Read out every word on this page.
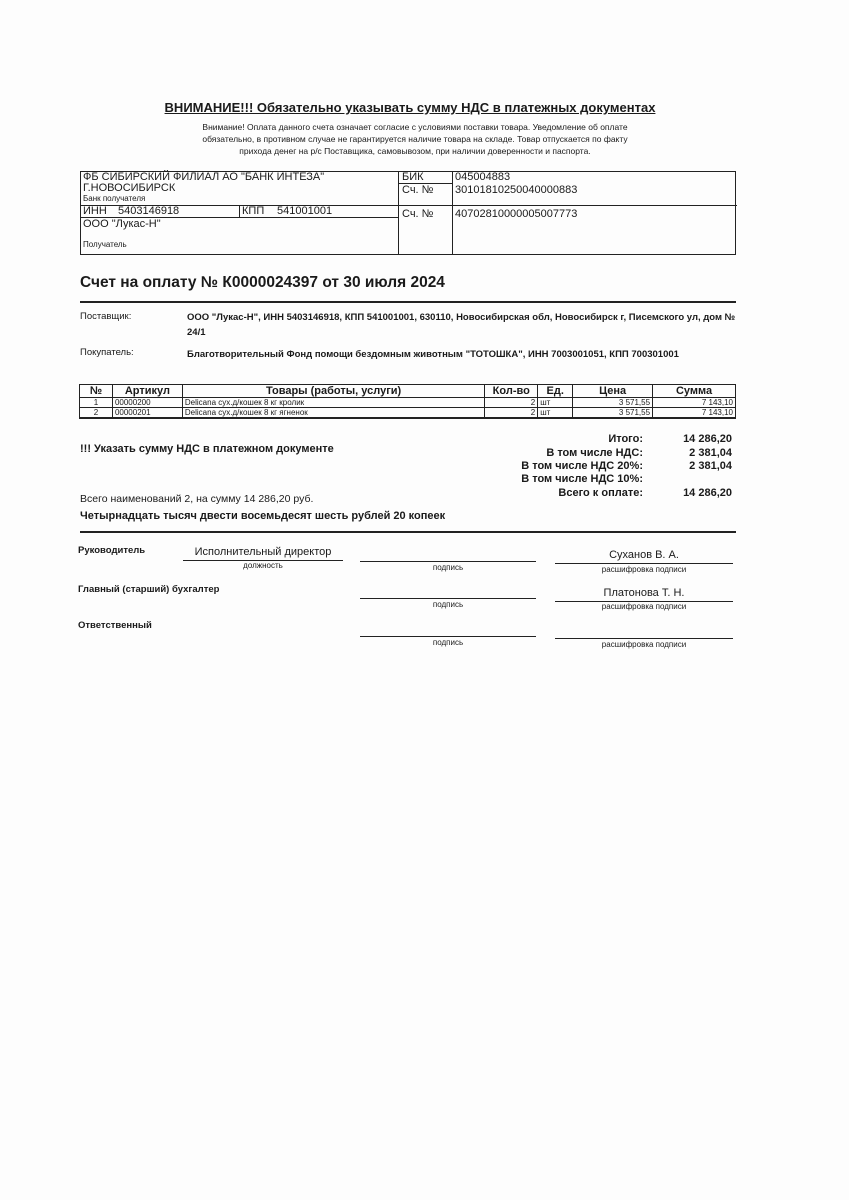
ВНИМАНИЕ!!! Обязательно указывать сумму НДС в платежных документах
Внимание! Оплата данного счета означает согласие с условиями поставки товара. Уведомление об оплате
обязательно, в противном случае не гарантируется наличие товара на складе. Товар отпускается по факту
прихода денег на р/с Поставщика, самовывозом, при наличии доверенности и паспорта.
ФБ СИБИРСКИЙ ФИЛИАЛ АО "БАНК ИНТЕЗА"
Г.НОВОСИБИРСК
Банк получателя
БИК	045004883
Сч. № 30101810250040000883
ИНН 5403146918	КПП 541001001	Сч. № 40702810000005007773
ООО "Лукас-Н"
Получатель
Счет на оплату № К0000024397 от 30 июля 2024
Поставщик:	ООО "Лукас-Н", ИНН 5403146918, КПП 541001001, 630110, Новосибирская обл, Новосибирск г, Писемского ул, дом № 24/1
Покупатель:	Благотворительный Фонд помощи бездомным животным "ТОТОШКА", ИНН 7003001051, КПП 700301001
№	Артикул	Товары (работы, услуги)	Кол-во	Ед.	Цена	Сумма
1	00000200	Delicana сух.д/кошек 8 кг кролик	2	шт	3 571,55	7 143,10
2	00000201	Delicana сух.д/кошек 8 кг ягненок	2	шт	3 571,55	7 143,10
!!! Указать сумму НДС в платежном документе
Итого:	14 286,20
В том числе НДС:	2 381,04
В том числе НДС 20%:	2 381,04
В том числе НДС 10%:
Всего к оплате:	14 286,20
Всего наименований 2, на сумму 14 286,20 руб.
Четырнадцать тысяч двести восемьдесят шесть рублей 20 копеек
Руководитель	Исполнительный директор
должность	подпись
Суханов В. А.
расшифровка подписи
Главный (старший) бухгалтер
подпись
Платонова Т. Н.
расшифровка подписи
Ответственный
подпись	расшифровка подписи
